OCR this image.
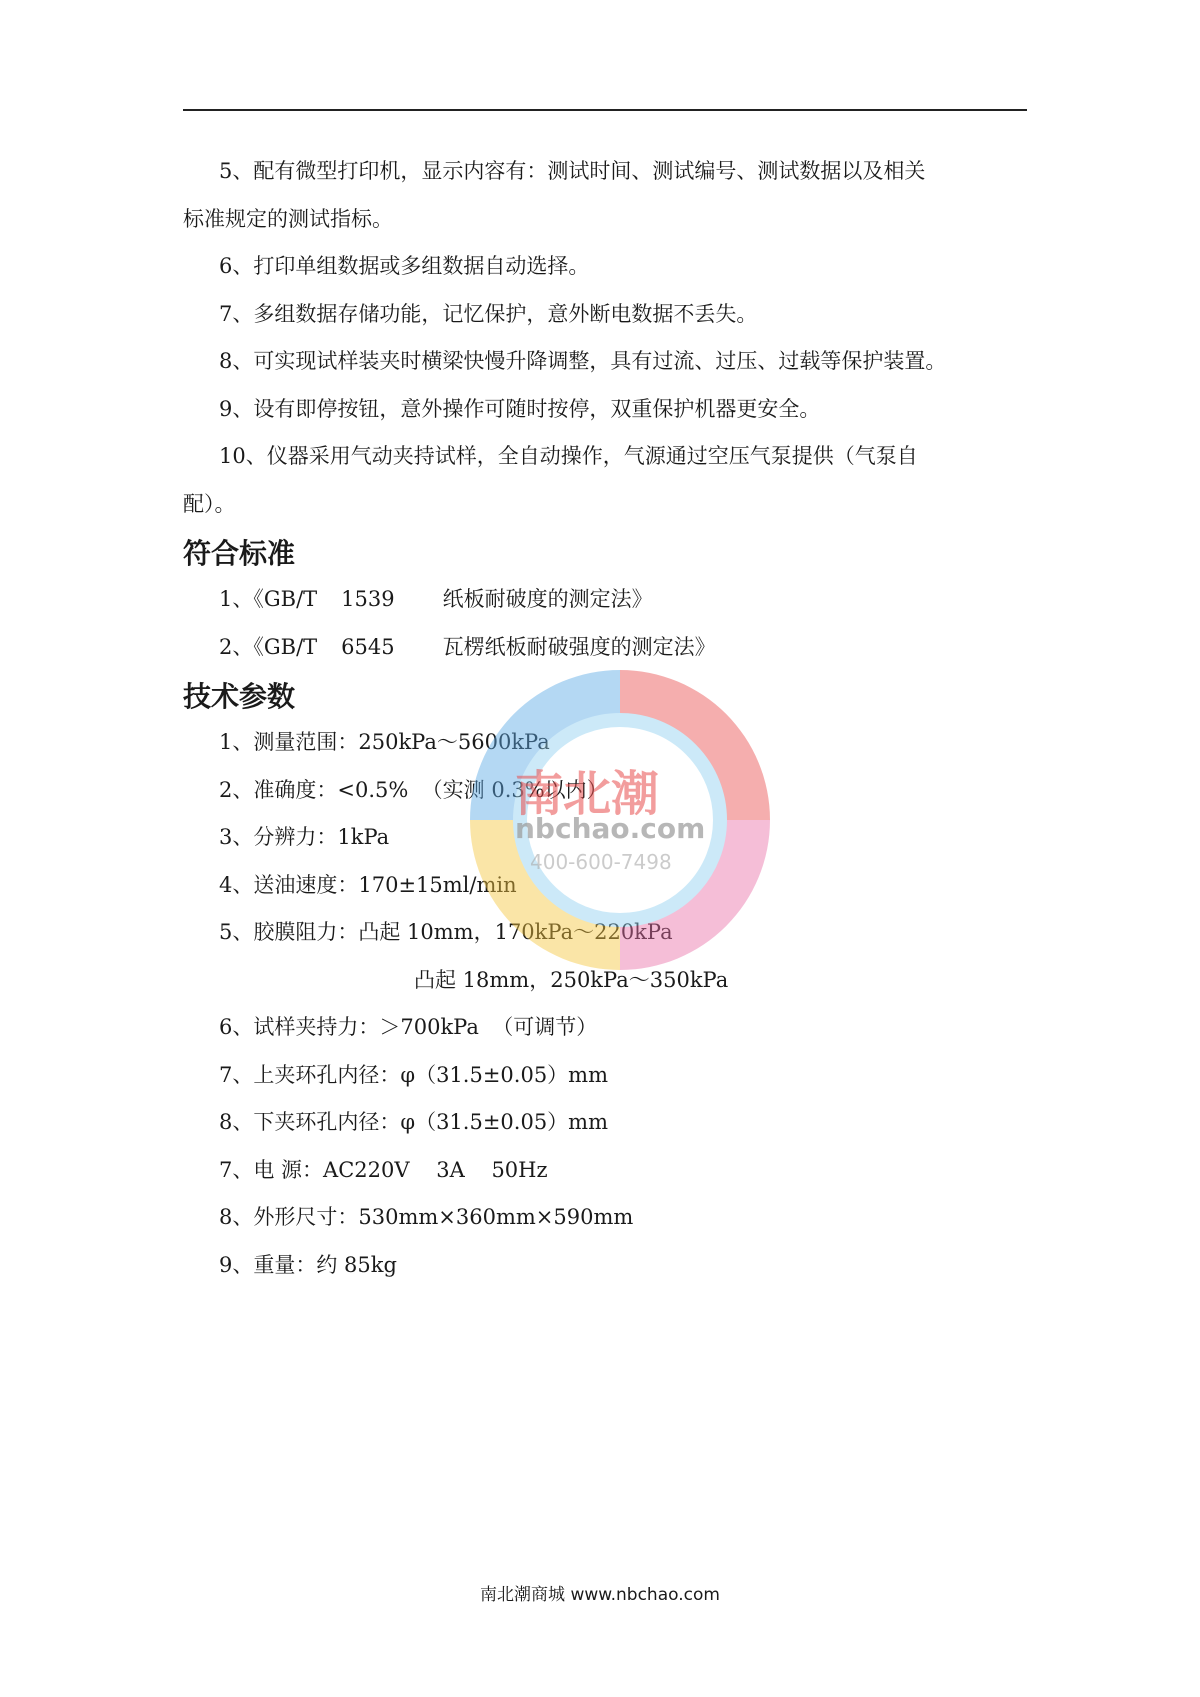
5、配有微型打印机，显示内容有：测试时间、测试编号、测试数据以及相关

标准规定的测试指标。

6、打印单组数据或多组数据自动选择。

7、多组数据存储功能，记忆保护，意外断电数据不丢失。

8、可实现试样装夹时横梁快慢升降调整，具有过流、过压、过载等保护装置。

9、设有即停按钮，意外操作可随时按停，双重保护机器更安全。

10、仪器采用气动夹持试样，全自动操作，气源通过空压气泵提供（气泵自

配）。

符合标准

1、《GB/T 1539 纸板耐破度的测定法》

2、《GB/T 6545 瓦楞纸板耐破强度的测定法》

技术参数

1、测量范围：250kPa～5600kPa

2、准确度：<0.5%  （实测 0.3%以内）

3、分辨力：1kPa

4、送油速度：170±15ml/min

5、胶膜阻力：凸起 10mm，170kPa～220kPa

凸起 18mm，250kPa～350kPa

6、试样夹持力：＞700kPa  （可调节）

7、上夹环孔内径：φ（31.5±0.05）mm

8、下夹环孔内径：φ（31.5±0.05）mm

7、电 源：AC220V    3A    50Hz

8、外形尺寸：530mm×360mm×590mm

9、重量：约 85kg

南北潮
nbchao.com
400-600-7498
南北潮商城 www.nbchao.com
